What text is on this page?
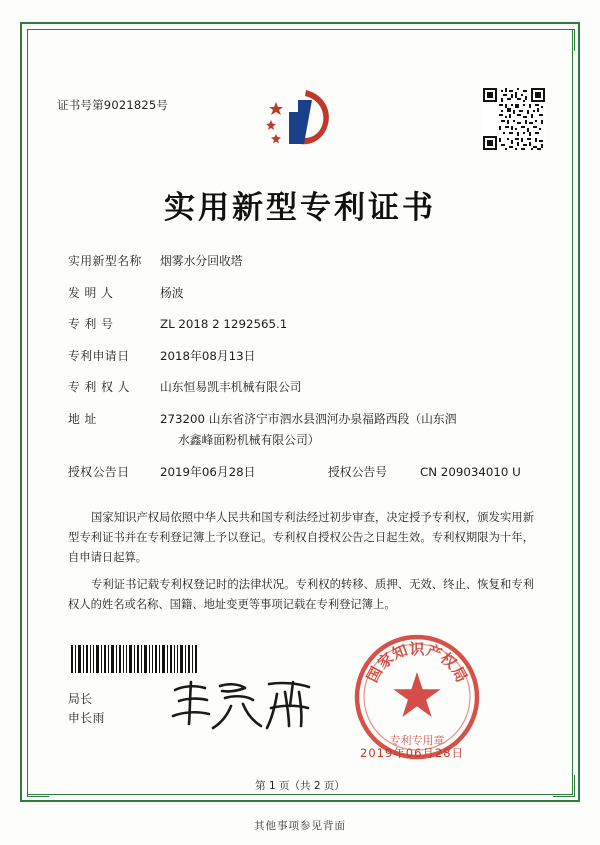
证书号第9021825号
实用新型专利证书
实用新型名称	烟雾水分回收塔
发 明 人	杨波
专 利 号	ZL 2018 2 1292565.1
专利申请日	2018年08月13日
专 利 权 人	山东恒易凯丰机械有限公司
地 址	273200 山东省济宁市泗水县泗河办泉福路西段（山东泗
水鑫峰面粉机械有限公司）
授权公告日	2019年06月28日	授权公告号	CN 209034010 U

国家知识产权局依照中华人民共和国专利法经过初步审查，决定授予专利权，颁发实用新型专利证书并在专利登记簿上予以登记。专利权自授权公告之日起生效。专利权期限为十年，自申请日起算。

专利证书记载专利权登记时的法律状况。专利权的转移、质押、无效、终止、恢复和专利权人的姓名或名称、国籍、地址变更等事项记载在专利登记簿上。

局长
申长雨
国
家
知 识 产
权
局
专利专用章
2019年06月28日
第 1 页（共 2 页）
其他事项参见背面
